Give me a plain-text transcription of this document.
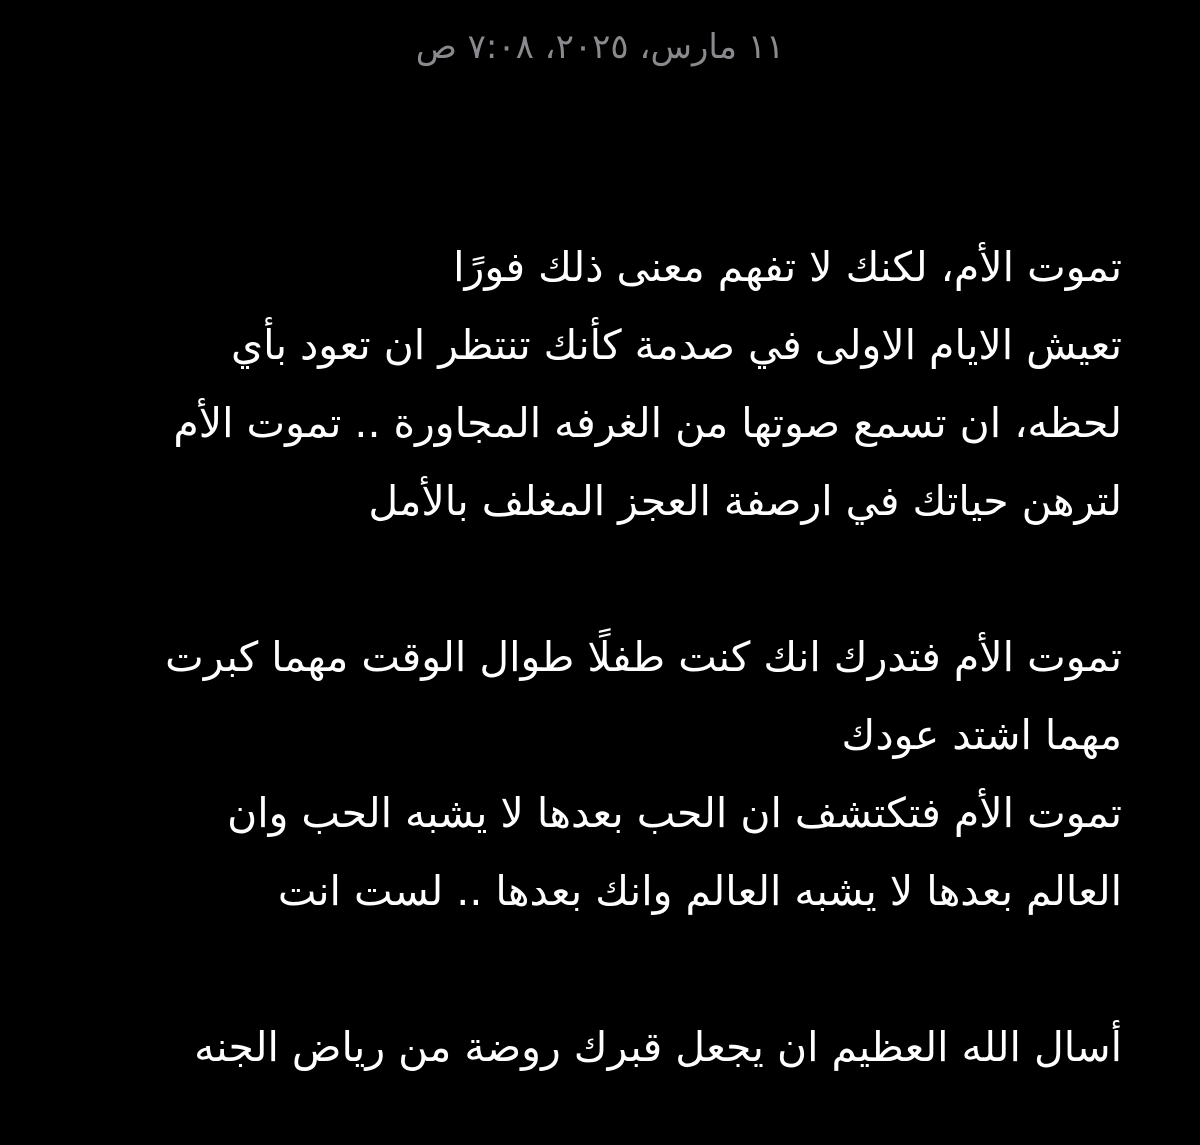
١١ مارس، ٢٠٢٥، ٧:٠٨ ص
تموت الأم، لكنك لا تفهم معنى ذلك فورًا
تعيش الايام الاولى في صدمة كأنك تنتظر ان تعود بأي
لحظه، ان تسمع صوتها من الغرفه المجاورة .. تموت الأم
لترهن حياتك في ارصفة العجز المغلف بالأمل
تموت الأم فتدرك انك كنت طفلًا طوال الوقت مهما كبرت
مهما اشتد عودك
تموت الأم فتكتشف ان الحب بعدها لا يشبه الحب وان
العالم بعدها لا يشبه العالم وانك بعدها .. لست انت
أسال الله العظيم ان يجعل قبرك روضة من رياض الجنه
